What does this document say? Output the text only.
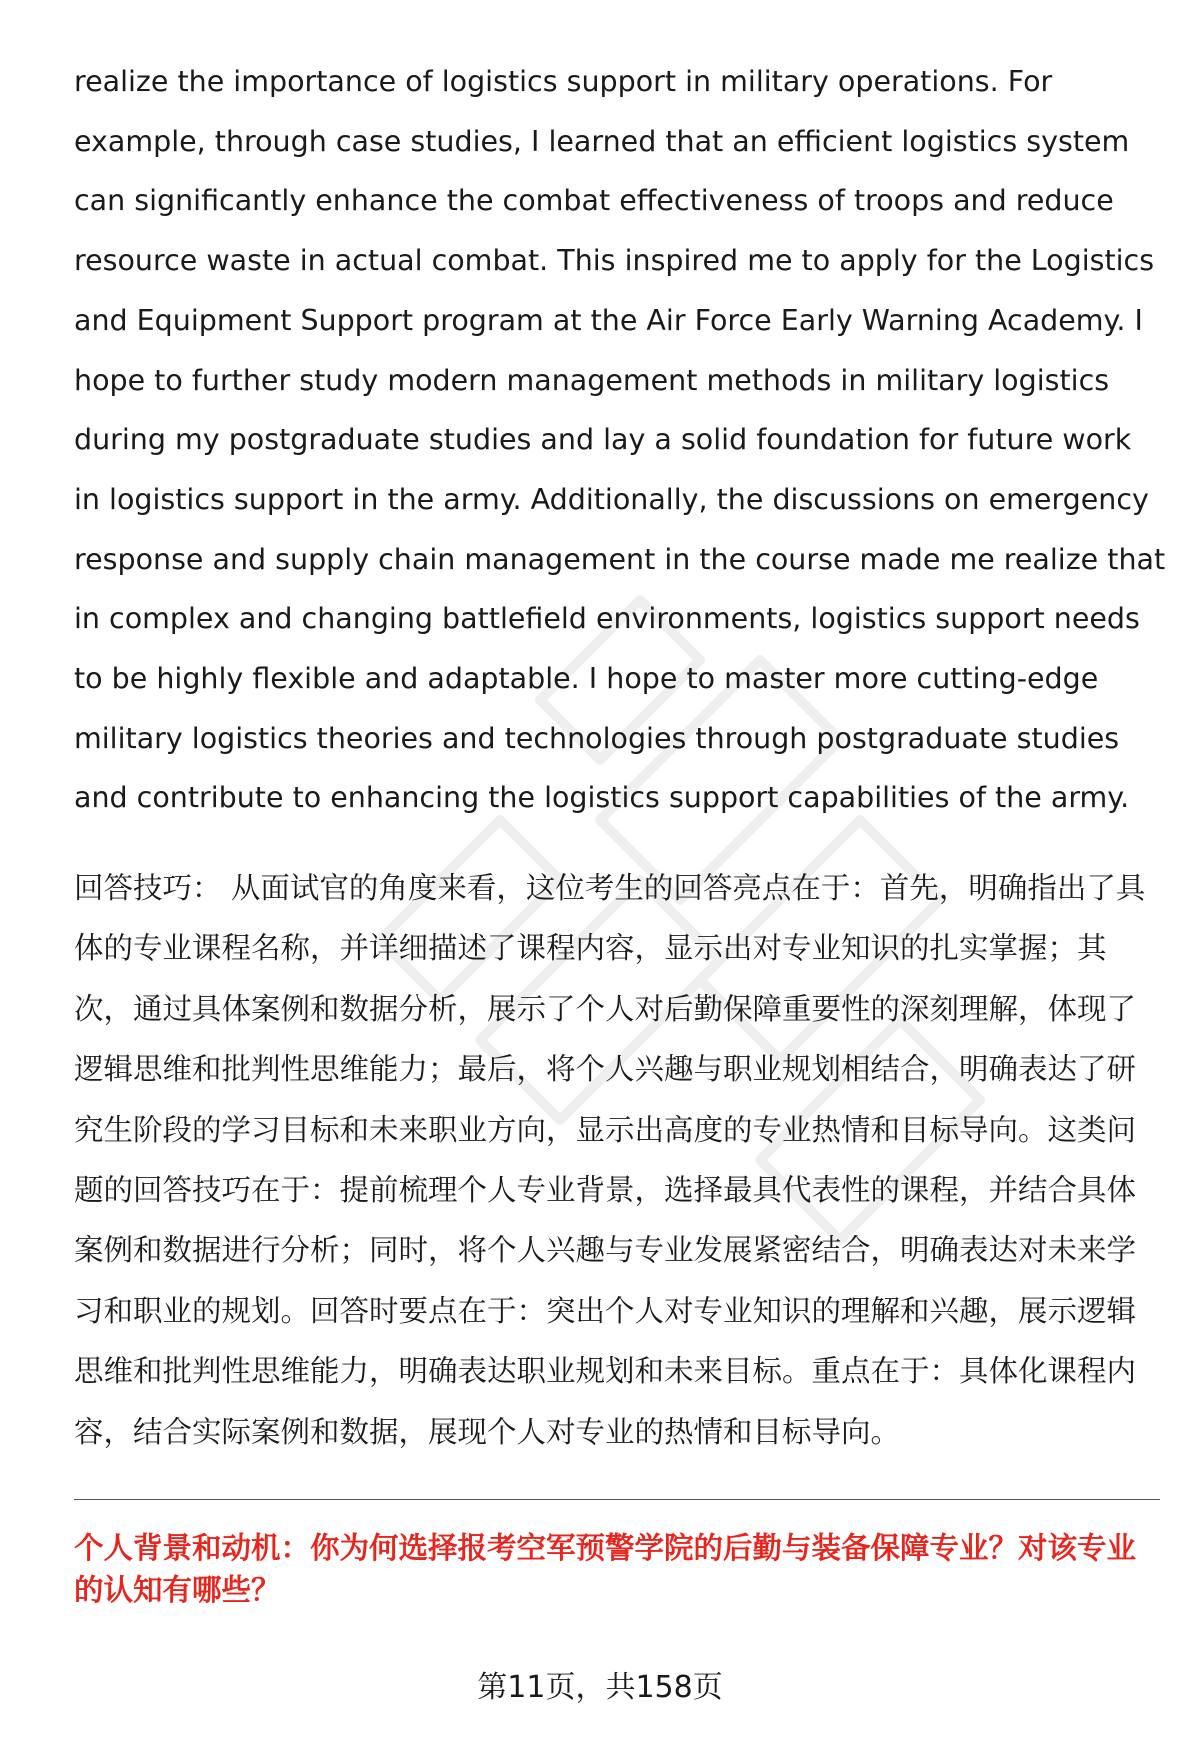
realize the importance of logistics support in military operations. For
example, through case studies, I learned that an efficient logistics system
can significantly enhance the combat effectiveness of troops and reduce
resource waste in actual combat. This inspired me to apply for the Logistics
and Equipment Support program at the Air Force Early Warning Academy. I
hope to further study modern management methods in military logistics
during my postgraduate studies and lay a solid foundation for future work
in logistics support in the army. Additionally, the discussions on emergency
response and supply chain management in the course made me realize that
in complex and changing battlefield environments, logistics support needs
to be highly flexible and adaptable. I hope to master more cutting-edge
military logistics theories and technologies through postgraduate studies
and contribute to enhancing the logistics support capabilities of the army.
回答技巧： 从面试官的角度来看，这位考生的回答亮点在于：首先，明确指出了具
体的专业课程名称，并详细描述了课程内容，显示出对专业知识的扎实掌握；其
次，通过具体案例和数据分析，展示了个人对后勤保障重要性的深刻理解，体现了
逻辑思维和批判性思维能力；最后，将个人兴趣与职业规划相结合，明确表达了研
究生阶段的学习目标和未来职业方向，显示出高度的专业热情和目标导向。这类问
题的回答技巧在于：提前梳理个人专业背景，选择最具代表性的课程，并结合具体
案例和数据进行分析；同时，将个人兴趣与专业发展紧密结合，明确表达对未来学
习和职业的规划。回答时要点在于：突出个人对专业知识的理解和兴趣，展示逻辑
思维和批判性思维能力，明确表达职业规划和未来目标。重点在于：具体化课程内
容，结合实际案例和数据，展现个人对专业的热情和目标导向。
个人背景和动机：你为何选择报考空军预警学院的后勤与装备保障专业？对该专业
的认知有哪些？
第11页，共158页
